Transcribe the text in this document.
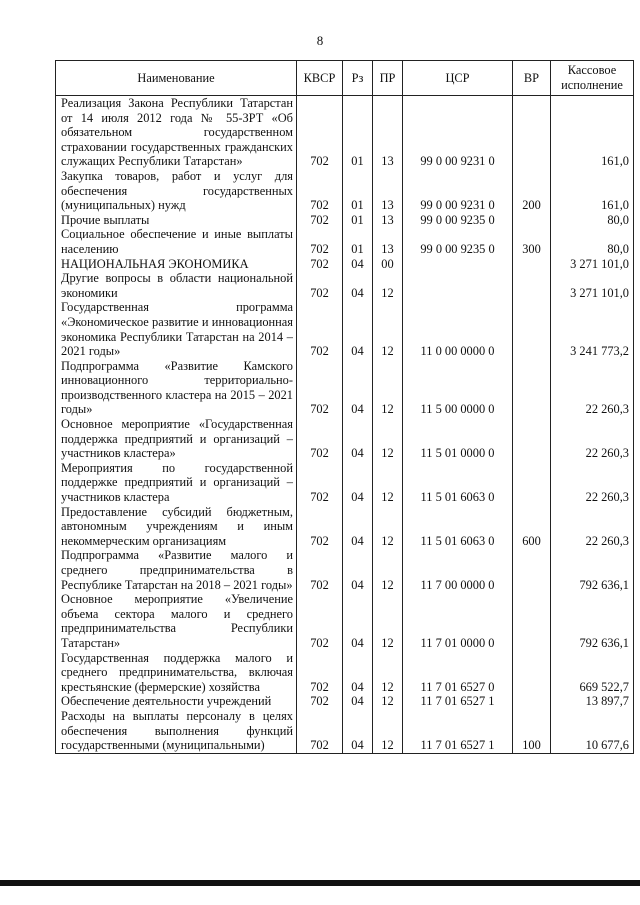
8
Наименование	КВСР	Рз	ПР	ЦСР	ВР	Кассовое исполнение
Реализация Закона Республики Татарстан от 14 июля 2012 года № 55-ЗРТ «Об обязательном государственном страховании государственных гражданских служащих Республики Татарстан»	702	01	13	99 0 00 9231 0		161,0
Закупка товаров, работ и услуг для обеспечения государственных (муниципальных) нужд	702	01	13	99 0 00 9231 0	200	161,0
Прочие выплаты	702	01	13	99 0 00 9235 0		80,0
Социальное обеспечение и иные выплаты населению	702	01	13	99 0 00 9235 0	300	80,0
НАЦИОНАЛЬНАЯ ЭКОНОМИКА	702	04	00			3 271 101,0
Другие вопросы в области национальной экономики	702	04	12			3 271 101,0
Государственная программа «Экономическое развитие и инновационная экономика Республики Татарстан на 2014 – 2021 годы»	702	04	12	11 0 00 0000 0		3 241 773,2
Подпрограмма «Развитие Камского инновационного территориально-производственного кластера на 2015 – 2021 годы»	702	04	12	11 5 00 0000 0		22 260,3
Основное мероприятие «Государственная поддержка предприятий и организаций – участников кластера»	702	04	12	11 5 01 0000 0		22 260,3
Мероприятия по государственной поддержке предприятий и организаций – участников кластера	702	04	12	11 5 01 6063 0		22 260,3
Предоставление субсидий бюджетным, автономным учреждениям и иным некоммерческим организациям	702	04	12	11 5 01 6063 0	600	22 260,3
Подпрограмма «Развитие малого и среднего предпринимательства в Республике Татарстан на 2018 – 2021 годы»	702	04	12	11 7 00 0000 0		792 636,1
Основное мероприятие «Увеличение объема сектора малого и среднего предпринимательства Республики Татарстан»	702	04	12	11 7 01 0000 0		792 636,1
Государственная поддержка малого и среднего предпринимательства, включая крестьянские (фермерские) хозяйства	702	04	12	11 7 01 6527 0		669 522,7
Обеспечение деятельности учреждений	702	04	12	11 7 01 6527 1		13 897,7
Расходы на выплаты персоналу в целях обеспечения выполнения функций государственными (муниципальными)	702	04	12	11 7 01 6527 1	100	10 677,6
